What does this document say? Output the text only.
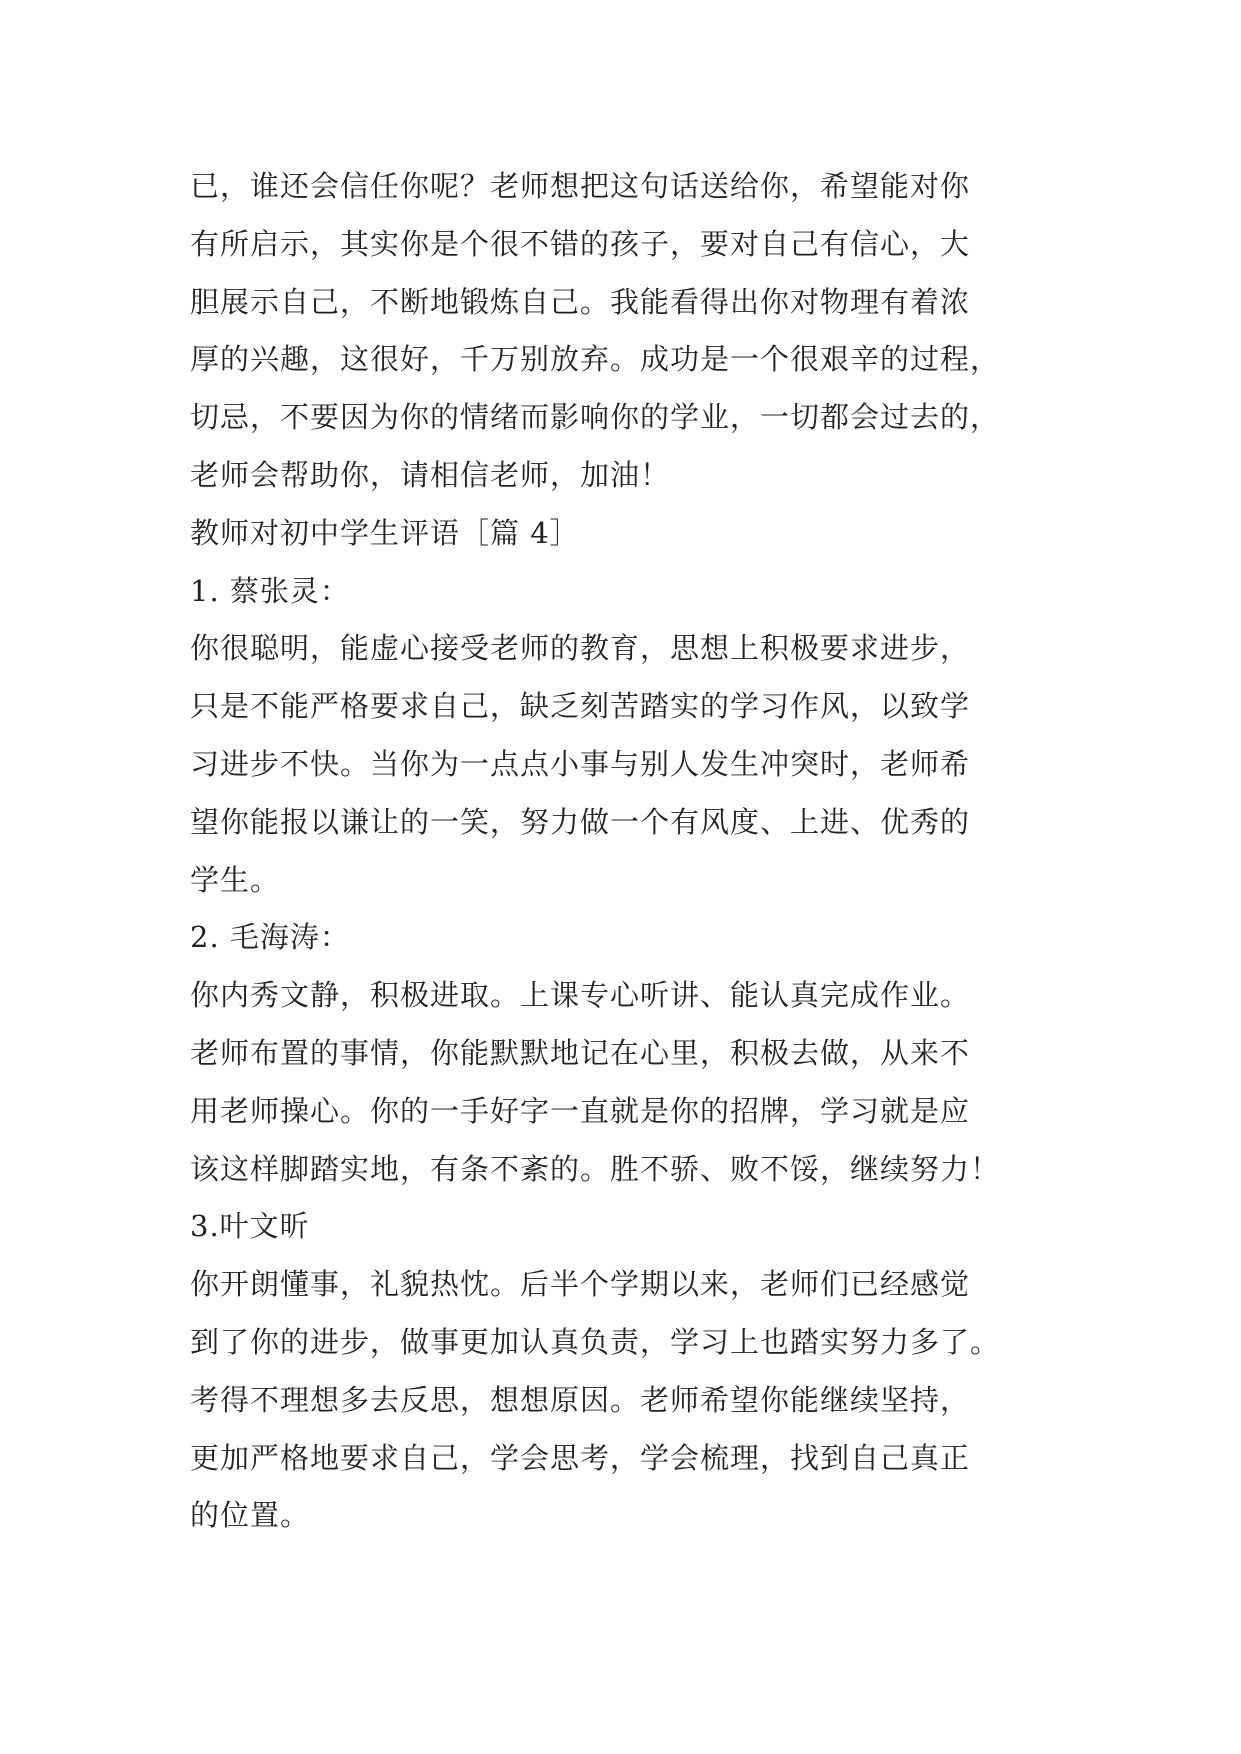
已，谁还会信任你呢？老师想把这句话送给你，希望能对你
有所启示，其实你是个很不错的孩子，要对自己有信心，大
胆展示自己，不断地锻炼自己。我能看得出你对物理有着浓
厚的兴趣，这很好，千万别放弃。成功是一个很艰辛的过程，
切忌，不要因为你的情绪而影响你的学业，一切都会过去的，
老师会帮助你，请相信老师，加油！
教师对初中学生评语［篇 4］
1. 蔡张灵：
你很聪明，能虚心接受老师的教育，思想上积极要求进步，
只是不能严格要求自己，缺乏刻苦踏实的学习作风，以致学
习进步不快。当你为一点点小事与别人发生冲突时，老师希
望你能报以谦让的一笑，努力做一个有风度、上进、优秀的
学生。
2. 毛海涛：
你内秀文静，积极进取。上课专心听讲、能认真完成作业。
老师布置的事情，你能默默地记在心里，积极去做，从来不
用老师操心。你的一手好字一直就是你的招牌，学习就是应
该这样脚踏实地，有条不紊的。胜不骄、败不馁，继续努力！
3.叶文昕
你开朗懂事，礼貌热忱。后半个学期以来，老师们已经感觉
到了你的进步，做事更加认真负责，学习上也踏实努力多了。
考得不理想多去反思，想想原因。老师希望你能继续坚持，
更加严格地要求自己，学会思考，学会梳理，找到自己真正
的位置。
